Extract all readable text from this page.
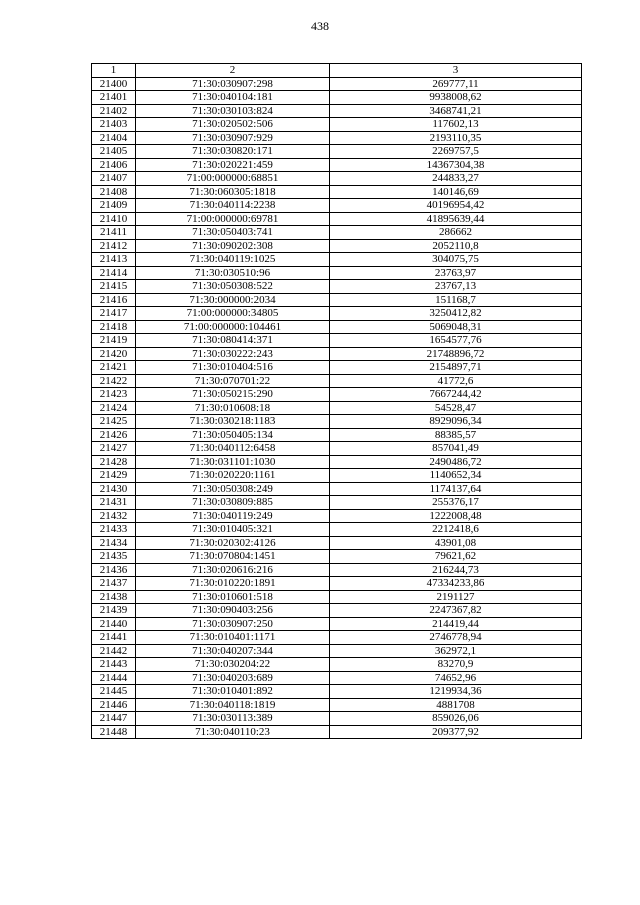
438
1	2	3
21400	71:30:030907:298	269777,11
21401	71:30:040104:181	9938008,62
21402	71:30:030103:824	3468741,21
21403	71:30:020502:506	117602,13
21404	71:30:030907:929	2193110,35
21405	71:30:030820:171	2269757,5
21406	71:30:020221:459	14367304,38
21407	71:00:000000:68851	244833,27
21408	71:30:060305:1818	140146,69
21409	71:30:040114:2238	40196954,42
21410	71:00:000000:69781	41895639,44
21411	71:30:050403:741	286662
21412	71:30:090202:308	2052110,8
21413	71:30:040119:1025	304075,75
21414	71:30:030510:96	23763,97
21415	71:30:050308:522	23767,13
21416	71:30:000000:2034	151168,7
21417	71:00:000000:34805	3250412,82
21418	71:00:000000:104461	5069048,31
21419	71:30:080414:371	1654577,76
21420	71:30:030222:243	21748896,72
21421	71:30:010404:516	2154897,71
21422	71:30:070701:22	41772,6
21423	71:30:050215:290	7667244,42
21424	71:30:010608:18	54528,47
21425	71:30:030218:1183	8929096,34
21426	71:30:050405:134	88385,57
21427	71:30:040112:6458	857041,49
21428	71:30:031101:1030	2490486,72
21429	71:30:020220:1161	1140652,34
21430	71:30:050308:249	1174137,64
21431	71:30:030809:885	255376,17
21432	71:30:040119:249	1222008,48
21433	71:30:010405:321	2212418,6
21434	71:30:020302:4126	43901,08
21435	71:30:070804:1451	79621,62
21436	71:30:020616:216	216244,73
21437	71:30:010220:1891	47334233,86
21438	71:30:010601:518	2191127
21439	71:30:090403:256	2247367,82
21440	71:30:030907:250	214419,44
21441	71:30:010401:1171	2746778,94
21442	71:30:040207:344	362972,1
21443	71:30:030204:22	83270,9
21444	71:30:040203:689	74652,96
21445	71:30:010401:892	1219934,36
21446	71:30:040118:1819	4881708
21447	71:30:030113:389	859026,06
21448	71:30:040110:23	209377,92
